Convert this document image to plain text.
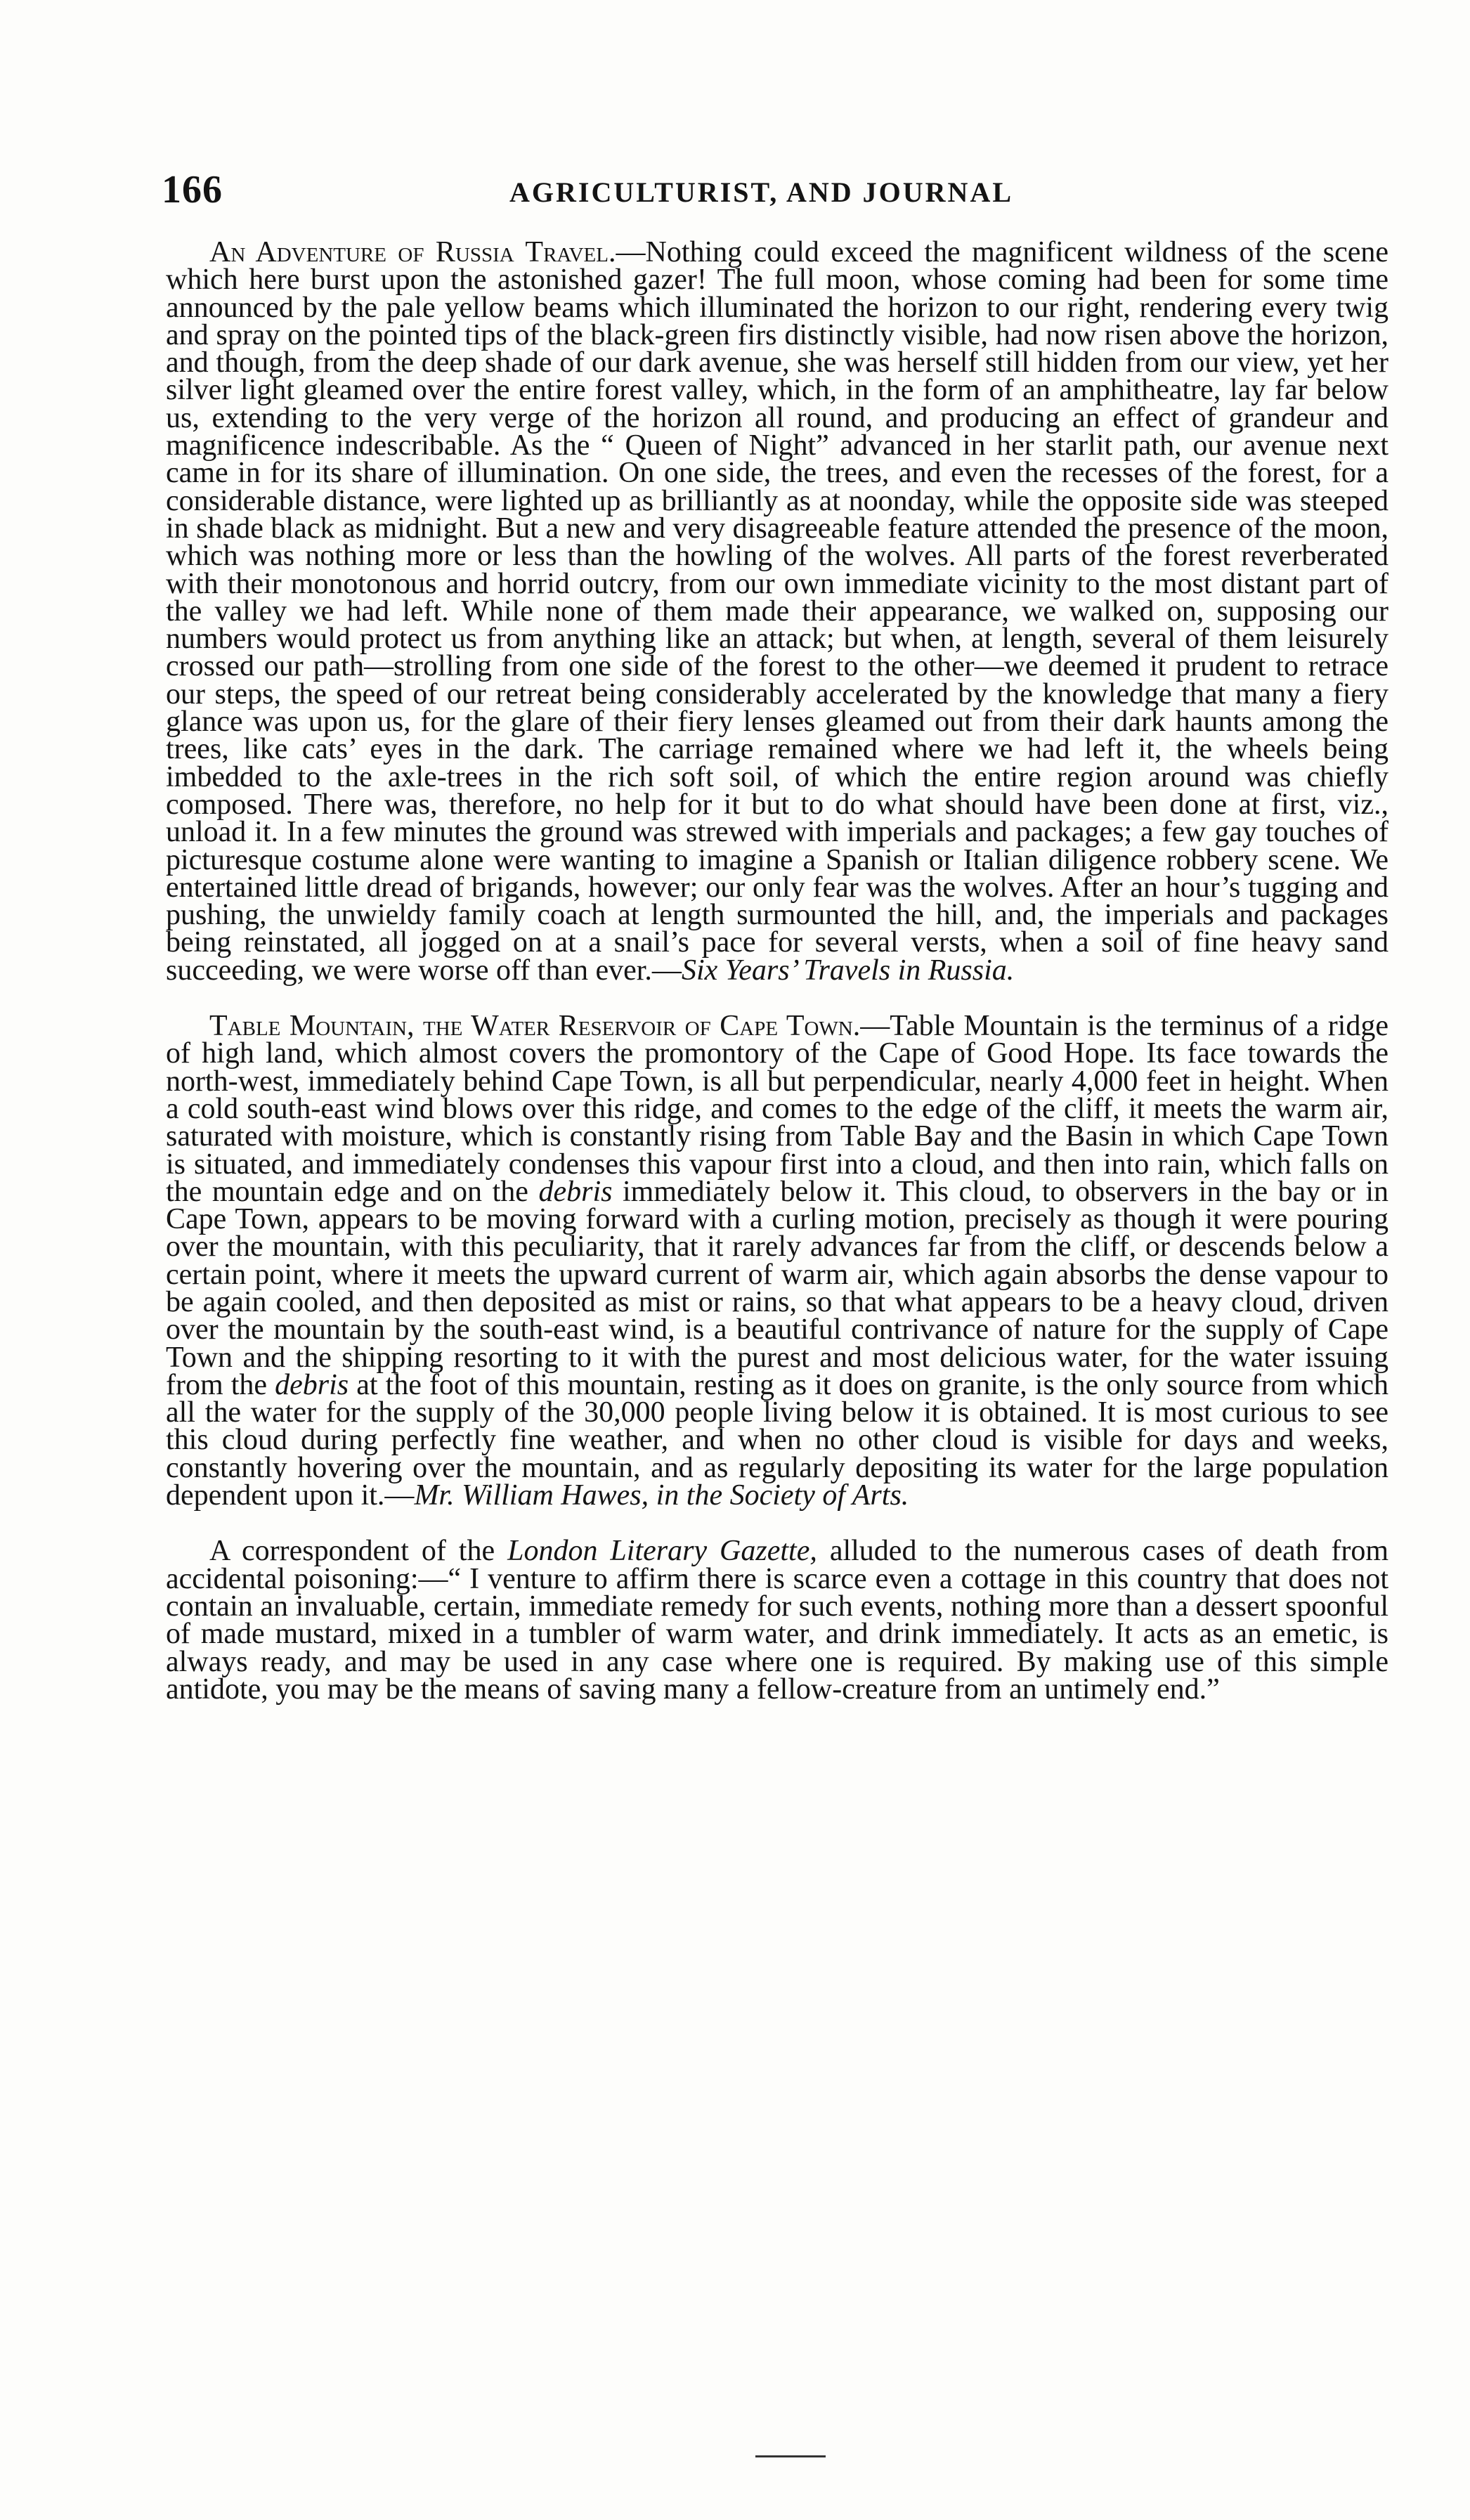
166	AGRICULTURIST, AND JOURNAL

An Adventure of Russia Travel.—Nothing could exceed the magnificent wildness of the scene which here burst upon the astonished gazer! The full moon, whose coming had been for some time announced by the pale yellow beams which illuminated the horizon to our right, rendering every twig and spray on the pointed tips of the black-green firs distinctly visible, had now risen above the horizon, and though, from the deep shade of our dark avenue, she was herself still hidden from our view, yet her silver light gleamed over the entire forest valley, which, in the form of an amphitheatre, lay far below us, extending to the very verge of the horizon all round, and producing an effect of grandeur and magnificence indescribable. As the “ Queen of Night” advanced in her starlit path, our avenue next came in for its share of illumination. On one side, the trees, and even the recesses of the forest, for a considerable distance, were lighted up as brilliantly as at noonday, while the opposite side was steeped in shade black as midnight. But a new and very disagreeable feature attended the presence of the moon, which was nothing more or less than the howling of the wolves. All parts of the forest reverberated with their monotonous and horrid outcry, from our own immediate vicinity to the most distant part of the valley we had left. While none of them made their appearance, we walked on, supposing our numbers would protect us from anything like an attack; but when, at length, several of them leisurely crossed our path—strolling from one side of the forest to the other—we deemed it prudent to retrace our steps, the speed of our retreat being considerably accelerated by the knowledge that many a fiery glance was upon us, for the glare of their fiery lenses gleamed out from their dark haunts among the trees, like cats’ eyes in the dark. The carriage remained where we had left it, the wheels being imbedded to the axle-trees in the rich soft soil, of which the entire region around was chiefly composed. There was, therefore, no help for it but to do what should have been done at first, viz., unload it. In a few minutes the ground was strewed with imperials and packages; a few gay touches of picturesque costume alone were wanting to imagine a Spanish or Italian diligence robbery scene. We entertained little dread of brigands, however; our only fear was the wolves. After an hour’s tugging and pushing, the unwieldy family coach at length surmounted the hill, and, the imperials and packages being reinstated, all jogged on at a snail’s pace for several versts, when a soil of fine heavy sand succeeding, we were worse off than ever.—Six Years’ Travels in Russia.

Table Mountain, the Water Reservoir of Cape Town.—Table Mountain is the terminus of a ridge of high land, which almost covers the promontory of the Cape of Good Hope. Its face towards the north-west, immediately behind Cape Town, is all but perpendicular, nearly 4,000 feet in height. When a cold south-east wind blows over this ridge, and comes to the edge of the cliff, it meets the warm air, saturated with moisture, which is constantly rising from Table Bay and the Basin in which Cape Town is situated, and immediately condenses this vapour first into a cloud, and then into rain, which falls on the mountain edge and on the debris immediately below it. This cloud, to observers in the bay or in Cape Town, appears to be moving forward with a curling motion, precisely as though it were pouring over the mountain, with this peculiarity, that it rarely advances far from the cliff, or descends below a certain point, where it meets the upward current of warm air, which again absorbs the dense vapour to be again cooled, and then deposited as mist or rains, so that what appears to be a heavy cloud, driven over the mountain by the south-east wind, is a beautiful contrivance of nature for the supply of Cape Town and the shipping resorting to it with the purest and most delicious water, for the water issuing from the debris at the foot of this mountain, resting as it does on granite, is the only source from which all the water for the supply of the 30,000 people living below it is obtained. It is most curious to see this cloud during perfectly fine weather, and when no other cloud is visible for days and weeks, constantly hovering over the mountain, and as regularly depositing its water for the large population dependent upon it.—Mr. William Hawes, in the Society of Arts.

A correspondent of the London Literary Gazette, alluded to the numerous cases of death from accidental poisoning:—“ I venture to affirm there is scarce even a cottage in this country that does not contain an invaluable, certain, immediate remedy for such events, nothing more than a dessert spoonful of made mustard, mixed in a tumbler of warm water, and drink immediately. It acts as an emetic, is always ready, and may be used in any case where one is required. By making use of this simple antidote, you may be the means of saving many a fellow-creature from an untimely end.”
